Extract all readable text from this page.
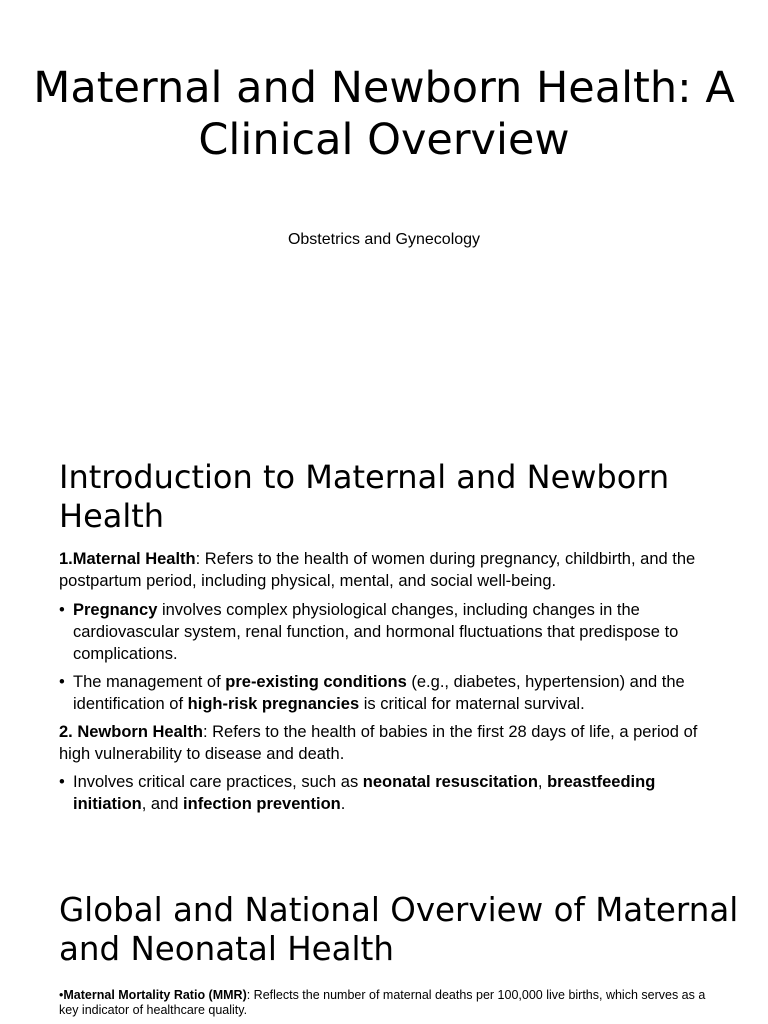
Maternal and Newborn Health: A Clinical Overview
Obstetrics and Gynecology
Introduction to Maternal and Newborn Health

1.Maternal Health: Refers to the health of women during pregnancy, childbirth, and the postpartum period, including physical, mental, and social well-being.

• Pregnancy involves complex physiological changes, including changes in the cardiovascular system, renal function, and hormonal fluctuations that predispose to complications.

• The management of pre-existing conditions (e.g., diabetes, hypertension) and the identification of high-risk pregnancies is critical for maternal survival.

2. Newborn Health: Refers to the health of babies in the first 28 days of life, a period of high vulnerability to disease and death.

• Involves critical care practices, such as neonatal resuscitation, breastfeeding initiation, and infection prevention.

Global and National Overview of Maternal and Neonatal Health

•Maternal Mortality Ratio (MMR): Reflects the number of maternal deaths per 100,000 live births, which serves as a key indicator of healthcare quality.
